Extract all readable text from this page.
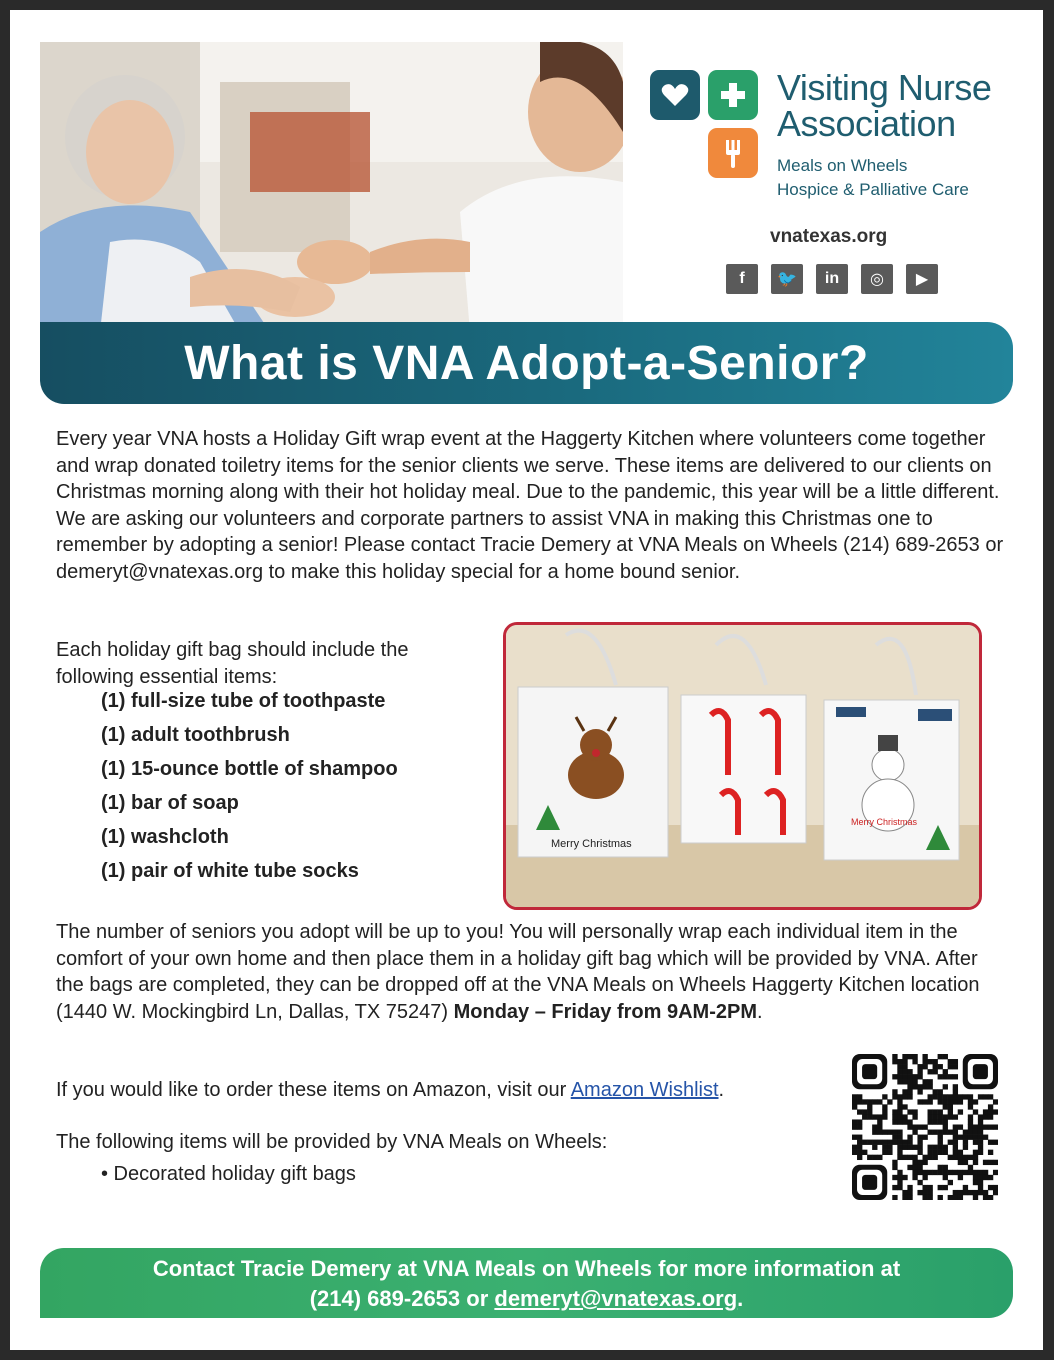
Visiting Nurse
Association
Meals on Wheels
Hospice & Palliative Care
vnatexas.org
f	🐦	in	◎	▶
What is VNA Adopt-a-Senior?
Every year VNA hosts a Holiday Gift wrap event at the Haggerty Kitchen where volunteers come together and wrap donated toiletry items for the senior clients we serve. These items are delivered to our clients on Christmas morning along with their hot holiday meal. Due to the pandemic, this year will be a little different. We are asking our volunteers and corporate partners to assist VNA in making this Christmas one to remember by adopting a senior! Please contact Tracie Demery at VNA Meals on Wheels (214) 689-2653 or demeryt@vnatexas.org to make this holiday special for a home bound senior.
Each holiday gift bag should include the following essential items:
(1) full-size tube of toothpaste
(1) adult toothbrush
(1) 15-ounce bottle of shampoo
(1) bar of soap
(1) washcloth
(1) pair of white tube socks
Merry Christmas
Merry Christmas
The number of seniors you adopt will be up to you! You will personally wrap each individual item in the comfort of your own home and then place them in a holiday gift bag which will be provided by VNA. After the bags are completed, they can be dropped off at the VNA Meals on Wheels Haggerty Kitchen location (1440 W. Mockingbird Ln, Dallas, TX 75247) Monday – Friday from 9AM-2PM.
If you would like to order these items on Amazon, visit our Amazon Wishlist.
The following items will be provided by VNA Meals on Wheels:
• Decorated holiday gift bags
Contact Tracie Demery at VNA Meals on Wheels for more information at
(214) 689-2653 or demeryt@vnatexas.org.
